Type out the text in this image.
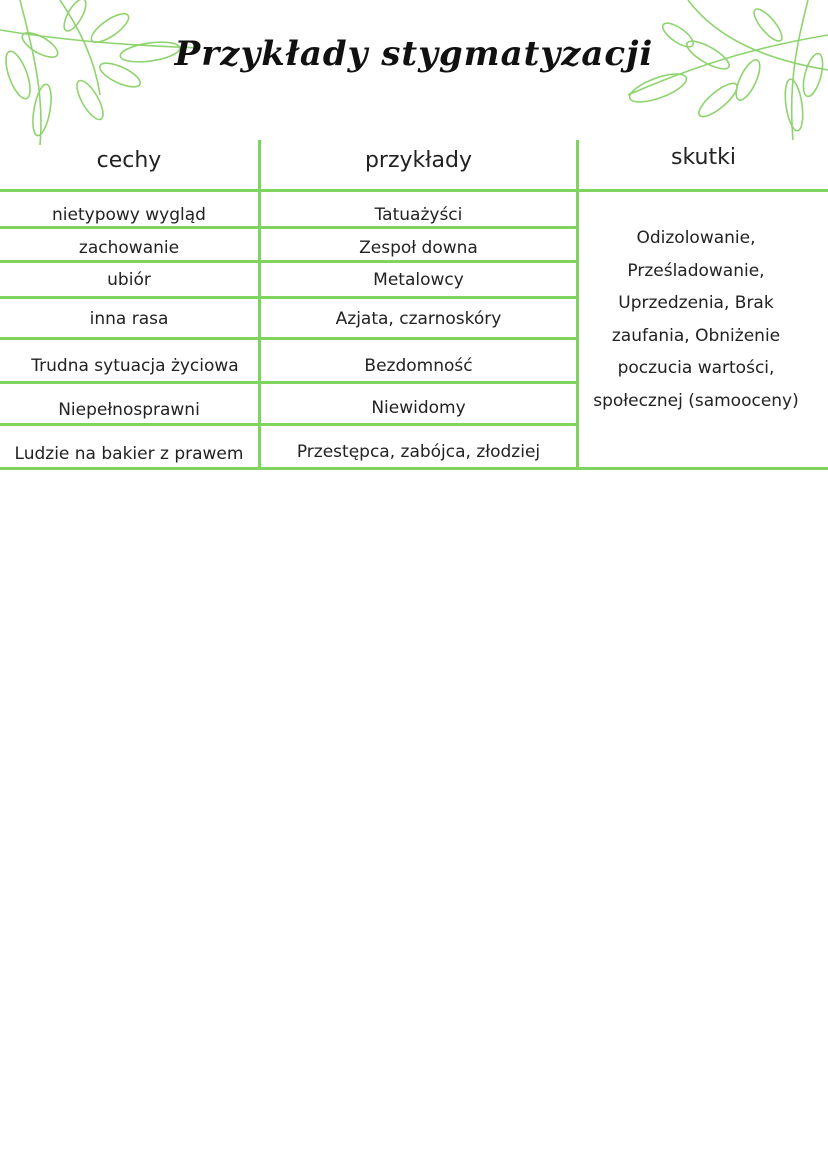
Przykłady stygmatyzacji
cechy	przykłady	skutki
nietypowy wygląd	Tatuażyści
zachowanie	Zespoł downa
ubiór	Metalowcy
inna rasa	Azjata, czarnoskóry
Trudna sytuacja życiowa	Bezdomność
Niepełnosprawni	Niewidomy
Ludzie na bakier z prawem	Przestępca, zabójca, złodziej
Odizolowanie,
Prześladowanie,
Uprzedzenia, Brak
zaufania, Obniżenie
poczucia wartości,
społecznej (samooceny)
